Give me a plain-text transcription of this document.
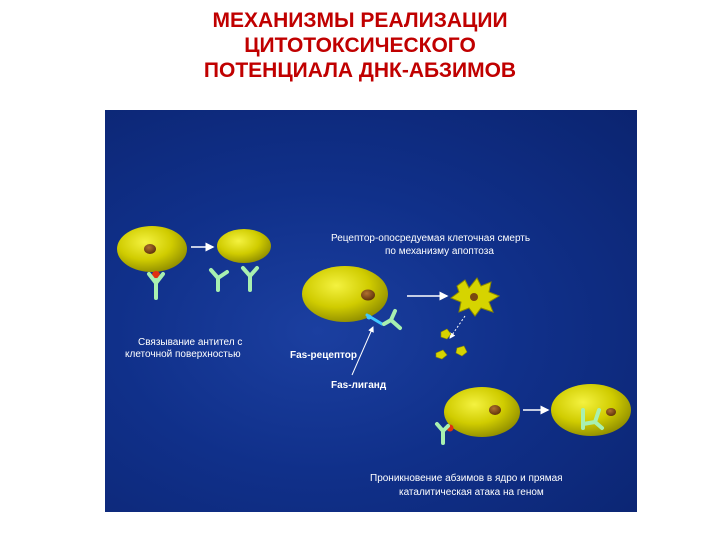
МЕХАНИЗМЫ РЕАЛИЗАЦИИ
ЦИТОТОКСИЧЕСКОГО
ПОТЕНЦИАЛА ДНК-АБЗИМОВ
Рецептор-опосредуемая клеточная смерть
по механизму апоптоза
Связывание антител с
клеточной поверхностью	Fas-рецептор
Fas-лиганд
Проникновение абзимов в ядро и прямая
каталитическая атака на геном
